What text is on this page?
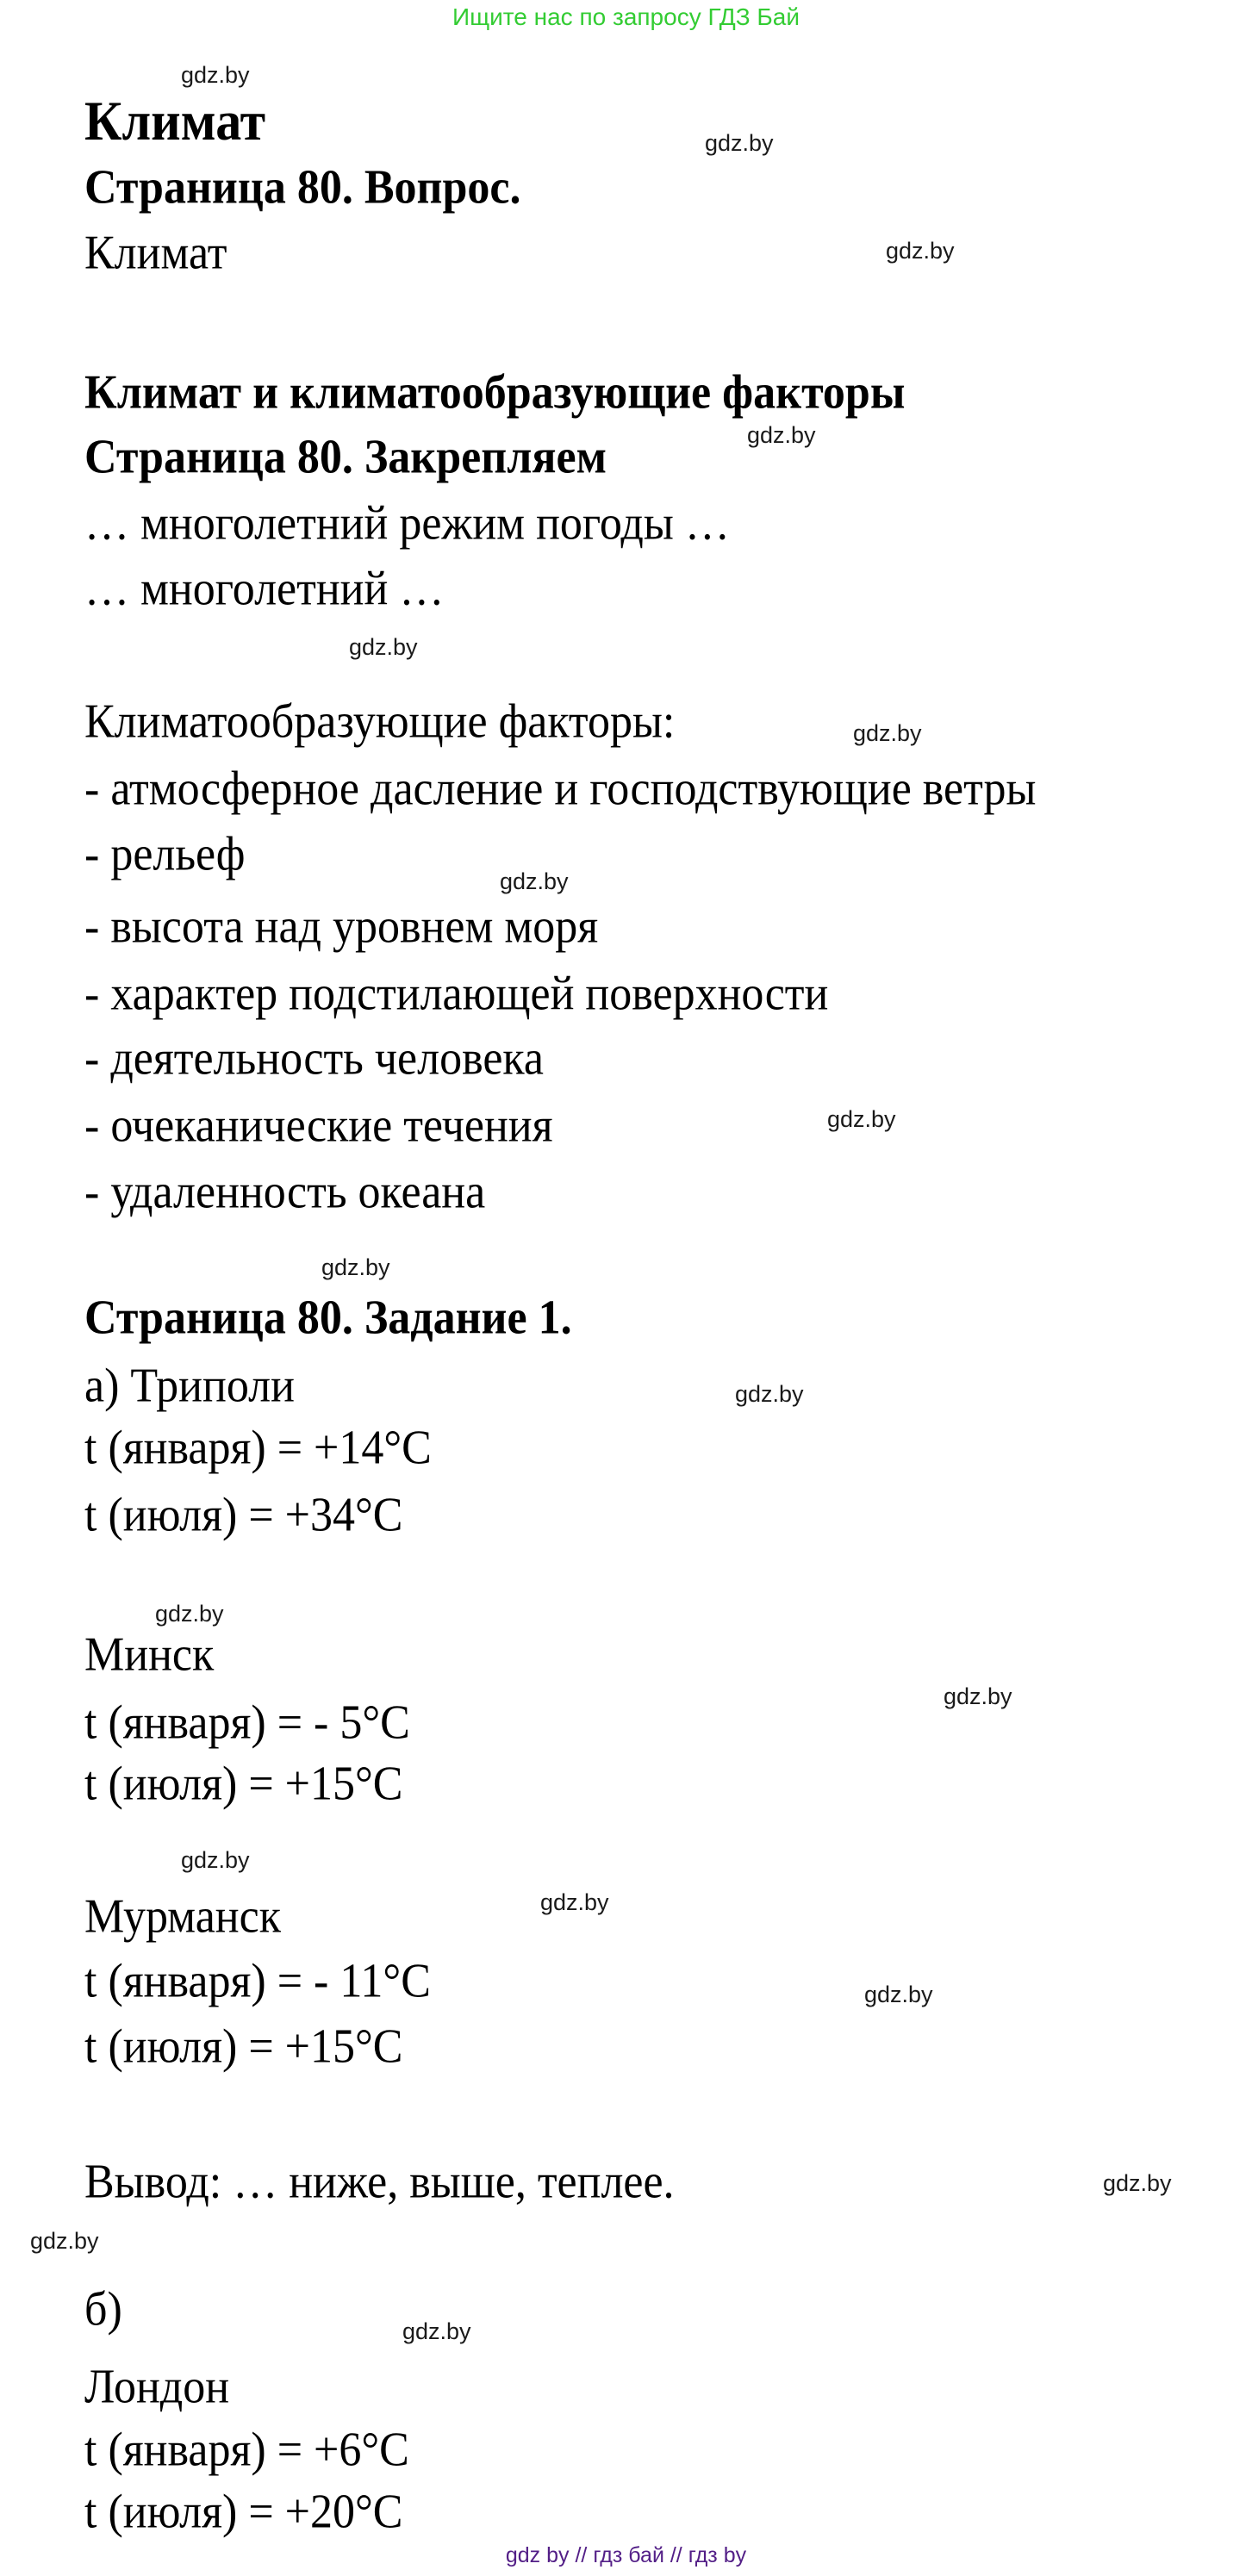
Ищите нас по запросу ГДЗ Бай
gdz.by
gdz.by
gdz.by
gdz.by
gdz.by
gdz.by
gdz.by
gdz.by
gdz.by
gdz.by
gdz.by
gdz.by
gdz.by
gdz.by
gdz.by
gdz.by
gdz.by
gdz.by
Климат
Страница 80. Вопрос.
Климат
Климат и климатообразующие факторы
Страница 80. Закрепляем
… многолетний режим погоды …
… многолетний …
Климатообразующие факторы:
- атмосферное дасление и господствующие ветры
- рельеф
- высота над уровнем моря
- характер подстилающей поверхности
- деятельность человека
- очеканические течения
- удаленность океана
Страница 80. Задание 1.
а) Триполи
t (января) = +14°С
t (июля) = +34°С
Минск
t (января) = - 5°С
t (июля) = +15°С
Мурманск
t (января) = - 11°С
t (июля) = +15°С
Вывод: … ниже, выше, теплее.
б)
Лондон
t (января) = +6°С
t (июля) = +20°С
gdz by // гдз бай // гдз by
